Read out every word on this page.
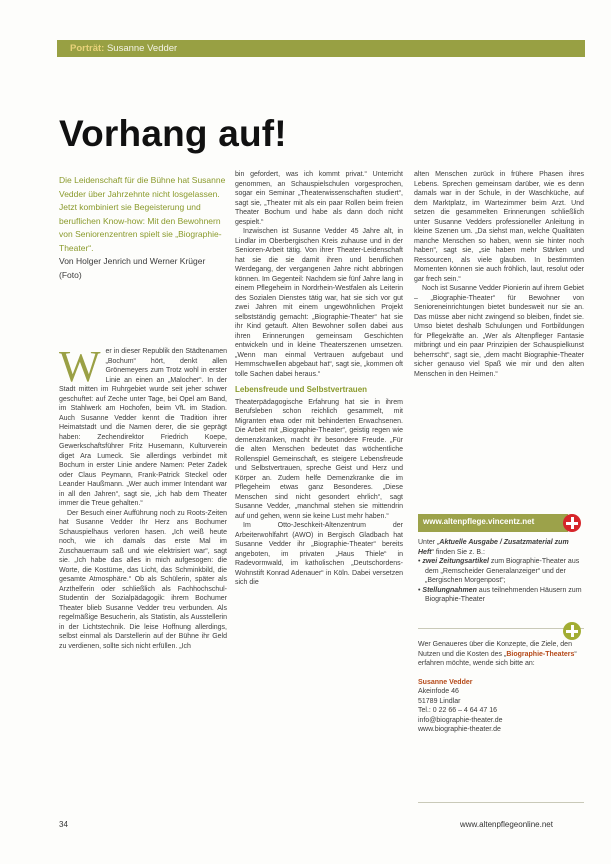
Porträt: Susanne Vedder
Vorhang auf!
Die Leidenschaft für die Bühne hat Susanne Vedder über Jahrzehnte nicht losgelassen. Jetzt kombiniert sie Begeisterung und beruflichen Know-how: Mit den Bewohnern von Seniorenzentren spielt sie „Biographie-Theater“.
Von Holger Jenrich und Werner Krüger (Foto)
W er in dieser Republik den Städtenamen „Bochum“ hört, denkt allen Grönemeyers zum Trotz wohl in erster Linie an einen an „Malocher“. In der Stadt mitten im Ruhrgebiet wurde seit jeher schwer geschuftet: auf Zeche unter Tage, bei Opel am Band, im Stahlwerk am Hochofen, beim VfL im Stadion. Auch Susanne Vedder kennt die Tradition ihrer Heimatstadt und die Namen derer, die sie geprägt haben: Zechendirektor Friedrich Koepe, Gewerkschaftsführer Fritz Husemann, Kulturverein diget Ara Lumeck. Sie allerdings verbindet mit Bochum in erster Linie andere Namen: Peter Zadek oder Claus Peymann, Frank-Patrick Steckel oder Leander Haußmann. „Wer auch immer Intendant war in all den Jahren“, sagt sie, „ich hab dem Theater immer die Treue gehalten.“

Der Besuch einer Aufführung noch zu Roots-Zeiten hat Susanne Vedder Ihr Herz ans Bochumer Schauspielhaus verloren hasen. „Ich weiß heute noch, wie ich damals das erste Mal im Zuschauerraum saß und wie elektrisiert war“, sagt sie. „Ich habe das alles in mich aufgesogen: die Worte, die Kostüme, das Licht, das Schminkbild, die gesamte Atmosphäre.“ Ob als Schülerin, später als Arzthelferin oder schließlich als Fachhochschul-Studentin der Sozialpädagogik: ihrem Bochumer Theater blieb Susanne Vedder treu verbunden. Als regelmäßige Besucherin, als Statistin, als Ausstellerin in der Lichtstechnik. Die leise Hoffnung allerdings, selbst einmal als Darstellerin auf der Bühne ihr Geld zu verdienen, sollte sich nicht erfüllen. „Ich

bin gefordert, was ich kommt privat.“ Unterricht genommen, an Schauspielschulen vorgesprochen, sogar ein Seminar „Theaterwissenschaften studiert“, sagt sie, „Theater mit als ein paar Rollen beim freien Theater Bochum und habe als dann doch nicht gespielt.“

Inzwischen ist Susanne Vedder 45 Jahre alt, in Lindlar im Oberbergischen Kreis zuhause und in der Senioren-Arbeit tätig. Von ihrer Theater-Leidenschaft hat sie die sie damit ihren und beruflichen Werdegang, der vergangenen Jahre nicht abbringen können. Im Gegenteil: Nachdem sie fünf Jahre lang in einem Pflegeheim in Nordrhein-Westfalen als Leiterin des Sozialen Dienstes tätig war, hat sie sich vor gut zwei Jahren mit einem ungewöhnlichen Projekt selbstständig gemacht: „Biographie-Theater“ hat sie ihr Kind getauft. Alten Bewohner sollen dabei aus ihren Erinnerungen gemeinsam Geschichten entwickeln und in kleine Theaterszenen umsetzen. „Wenn man einmal Vertrauen aufgebaut und Hemmschwellen abgebaut hat“, sagt sie, „kommen oft tolle Sachen dabei heraus.“

Lebensfreude und Selbstvertrauen

Theaterpädagogische Erfahrung hat sie in ihrem Berufsleben schon reichlich gesammelt, mit Migranten etwa oder mit behinderten Erwachsenen. Die Arbeit mit „Biographie-Theater“, geistig regen wie demenzkranken, macht ihr besondere Freude. „Für die alten Menschen bedeutet das wöchentliche Rollenspiel Gemeinschaft, es steigere Lebensfreude und Selbstvertrauen, spreche Geist und Herz und Körper an. Zudem helfe Demenzkranke die im Pflegeheim etwas ganz Besonderes. „Diese Menschen sind nicht gesondert ehrlich“, sagt Susanne Vedder, „manchmal stehen sie mittendrin auf und gehen, wenn sie keine Lust mehr haben.“

Im Otto-Jeschkeit-Altenzentrum der Arbeiterwohlfahrt (AWO) in Bergisch Gladbach hat Susanne Vedder ihr „Biographie-Theater“ bereits angeboten, im privaten „Haus Thiele“ in Radevormwald, im katholischen „Deutschordens-Wohnstift Konrad Adenauer“ in Köln. Dabei versetzen sich die

alten Menschen zurück in frühere Phasen ihres Lebens. Sprechen gemeinsam darüber, wie es denn damals war in der Schule, in der Waschküche, auf dem Marktplatz, im Wartezimmer beim Arzt. Und setzen die gesammelten Erinnerungen schließlich unter Susanne Vedders professioneller Anleitung in kleine Szenen um. „Da siehst man, welche Qualitäten manche Menschen so haben, wenn sie hinter noch haben“, sagt sie, „sie haben mehr Stärken und Ressourcen, als viele glauben. In bestimmten Momenten können sie auch fröhlich, laut, resolut oder gar frech sein.“

Noch ist Susanne Vedder Pionierin auf ihrem Gebiet – „Biographie-Theater“ für Bewohner von Senioreneinrichtungen bietet bundesweit nur sie an. Das müsse aber nicht zwingend so bleiben, findet sie. Umso bietet deshalb Schulungen und Fortbildungen für Pflegekräfte an. „Wer als Altenpfleger Fantasie mitbringt und ein paar Prinzipien der Schauspielkunst beherrscht“, sagt sie, „dem macht Biographie-Theater sicher genauso viel Spaß wie mir und den alten Menschen in den Heimen.“

www.altenpflege.vincentz.net
Unter „Aktuelle Ausgabe / Zusatzmaterial zum Heft“ finden Sie z. B.:
• zwei Zeitungsartikel zum Biographie-Theater aus dem „Remscheider Generalanzeiger“ und der „Bergischen Morgenpost“;
• Stellungnahmen aus teilnehmenden Häusern zum Biographie-Theater
Wer Genaueres über die Konzepte, die Ziele, den Nutzen und die Kosten des „Biographie-Theaters“ erfahren möchte, wende sich bitte an:
Susanne Vedder
Akeinfode 46
51789 Lindlar
Tel.: 0 22 66 – 4 64 47 16
info@biographie-theater.de
www.biographie-theater.de
34	www.altenpflegeonline.net
